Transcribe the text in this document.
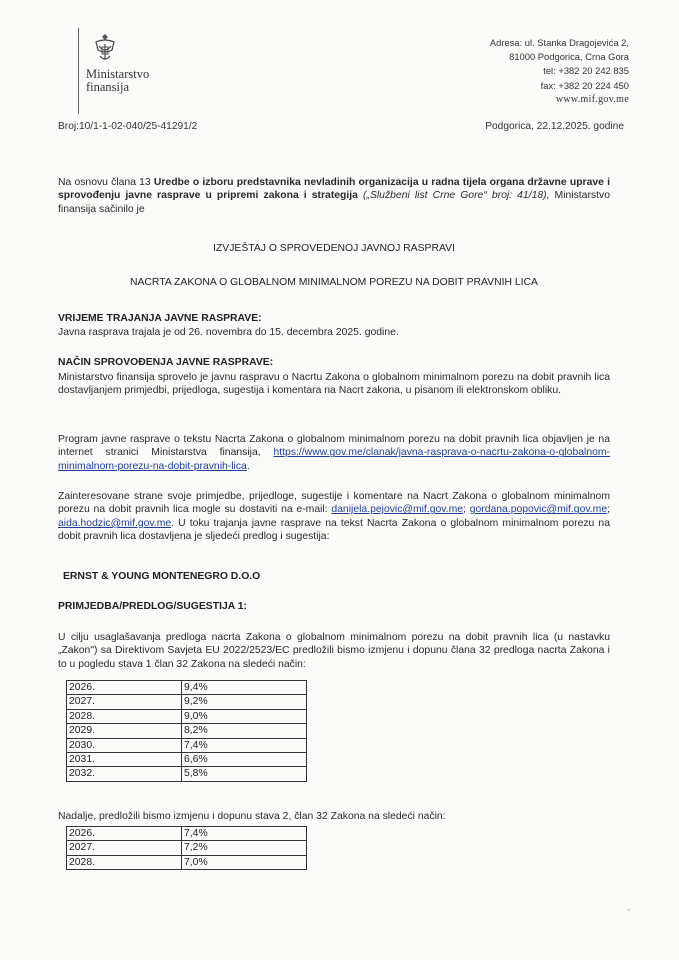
Ministarstvo
finansija
Adresa: ul. Stanka Dragojevića 2,
81000 Podgorica, Crna Gora
tel: +382 20 242 835
fax: +382 20 224 450
www.mif.gov.me
Broj:10/1-1-02-040/25-41291/2	Podgorica, 22.12.2025. godine
Na osnovu člana 13 Uredbe o izboru predstavnika nevladinih organizacija u radna tijela organa državne uprave i sprovođenju javne rasprave u pripremi zakona i strategija („Službeni list Crne Gore“ broj: 41/18), Ministarstvo finansija sačinilo je
IZVJEŠTAJ O SPROVEDENOJ JAVNOJ RASPRAVI
NACRTA ZAKONA O GLOBALNOM MINIMALNOM POREZU NA DOBIT PRAVNIH LICA
VRIJEME TRAJANJA JAVNE RASPRAVE:
Javna rasprava trajala je od 26. novembra do 15. decembra 2025. godine.
NAČIN SPROVOĐENJA JAVNE RASPRAVE:
Ministarstvo finansija sprovelo je javnu raspravu o Nacrtu Zakona o globalnom minimalnom porezu na dobit pravnih lica dostavljanjem primjedbi, prijedloga, sugestija i komentara na Nacrt zakona, u pisanom ili elektronskom obliku.
Program javne rasprave o tekstu Nacrta Zakona o globalnom minimalnom porezu na dobit pravnih lica objavljen je na internet stranici Ministarstva finansija, https://www.gov.me/clanak/javna-rasprava-o-nacrtu-zakona-o-globalnom-minimalnom-porezu-na-dobit-pravnih-lica.
Zainteresovane strane svoje primjedbe, prijedloge, sugestije i komentare na Nacrt Zakona o globalnom minimalnom porezu na dobit pravnih lica mogle su dostaviti na e-mail: danijela.pejovic@mif.gov.me; gordana.popovic@mif.gov.me; aida.hodzic@mif.gov.me. U toku trajanja javne rasprave na tekst Nacrta Zakona o globalnom minimalnom porezu na dobit pravnih lica dostavljena je sljedeći predlog i sugestija:
ERNST & YOUNG MONTENEGRO D.O.O
PRIMJEDBA/PREDLOG/SUGESTIJA 1:
U cilju usaglašavanja predloga nacrta Zakona o globalnom minimalnom porezu na dobit pravnih lica (u nastavku „Zakon") sa Direktivom Savjeta EU 2022/2523/EC predložili bismo izmjenu i dopunu člana 32 predloga nacrta Zakona i to u pogledu stava 1 član 32 Zakona na sledeći način:
2026.	9,4%
2027.	9,2%
2028.	9,0%
2029.	8,2%
2030.	7,4%
2031.	6,6%
2032.	5,8%
Nadalje, predložili bismo izmjenu i dopunu stava 2, član 32 Zakona na sledeći način:
2026.	7,4%
2027.	7,2%
2028.	7,0%
⌄
